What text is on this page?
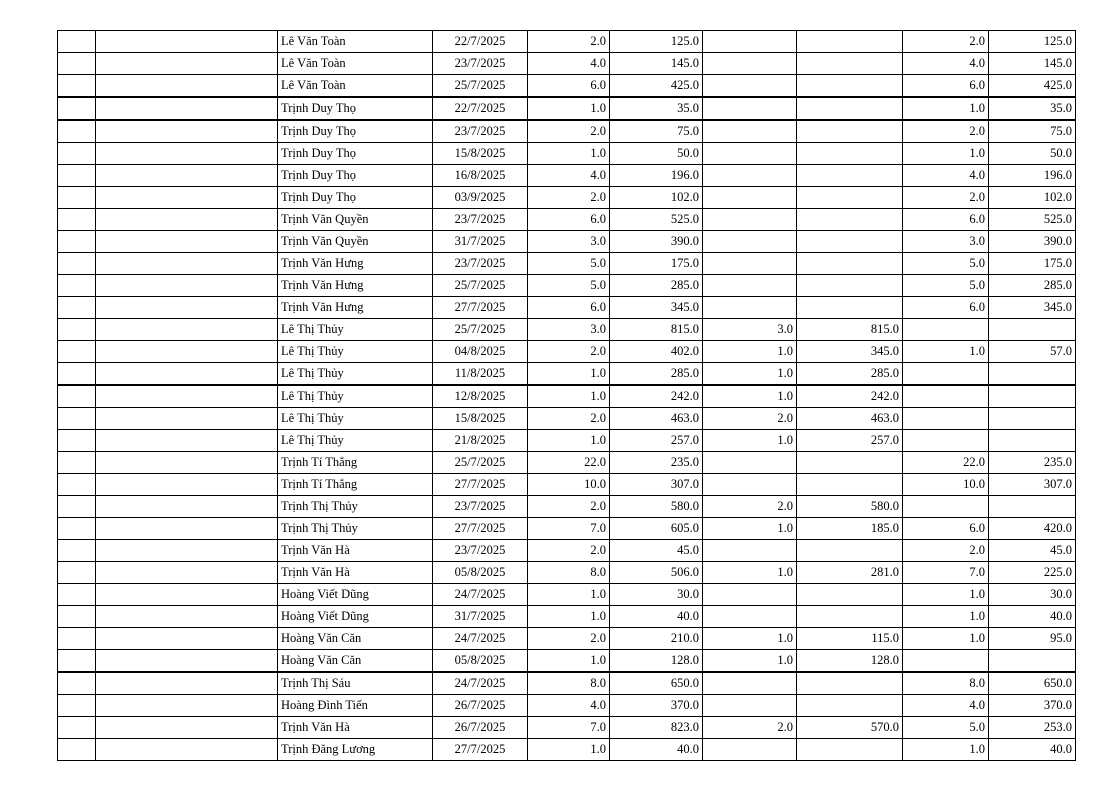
		Lê Văn Toàn	22/7/2025	2.0	125.0			2.0	125.0
		Lê Văn Toàn	23/7/2025	4.0	145.0			4.0	145.0
		Lê Văn Toàn	25/7/2025	6.0	425.0			6.0	425.0
		Trịnh Duy Thọ	22/7/2025	1.0	35.0			1.0	35.0
		Trịnh Duy Thọ	23/7/2025	2.0	75.0			2.0	75.0
		Trịnh Duy Thọ	15/8/2025	1.0	50.0			1.0	50.0
		Trịnh Duy Thọ	16/8/2025	4.0	196.0			4.0	196.0
		Trịnh Duy Thọ	03/9/2025	2.0	102.0			2.0	102.0
		Trịnh Văn Quyền	23/7/2025	6.0	525.0			6.0	525.0
		Trịnh Văn Quyền	31/7/2025	3.0	390.0			3.0	390.0
		Trịnh Văn Hưng	23/7/2025	5.0	175.0			5.0	175.0
		Trịnh Văn Hưng	25/7/2025	5.0	285.0			5.0	285.0
		Trịnh Văn Hưng	27/7/2025	6.0	345.0			6.0	345.0
		Lê Thị Thủy	25/7/2025	3.0	815.0	3.0	815.0		
		Lê Thị Thủy	04/8/2025	2.0	402.0	1.0	345.0	1.0	57.0
		Lê Thị Thủy	11/8/2025	1.0	285.0	1.0	285.0		
		Lê Thị Thủy	12/8/2025	1.0	242.0	1.0	242.0		
		Lê Thị Thủy	15/8/2025	2.0	463.0	2.0	463.0		
		Lê Thị Thủy	21/8/2025	1.0	257.0	1.0	257.0		
		Trịnh Tí Thắng	25/7/2025	22.0	235.0			22.0	235.0
		Trịnh Tí Thắng	27/7/2025	10.0	307.0			10.0	307.0
		Trịnh Thị Thủy	23/7/2025	2.0	580.0	2.0	580.0		
		Trịnh Thị Thủy	27/7/2025	7.0	605.0	1.0	185.0	6.0	420.0
		Trịnh Văn Hà	23/7/2025	2.0	45.0			2.0	45.0
		Trịnh Văn Hà	05/8/2025	8.0	506.0	1.0	281.0	7.0	225.0
		Hoàng Viết Dũng	24/7/2025	1.0	30.0			1.0	30.0
		Hoàng Viết Dũng	31/7/2025	1.0	40.0			1.0	40.0
		Hoàng Văn Căn	24/7/2025	2.0	210.0	1.0	115.0	1.0	95.0
		Hoàng Văn Căn	05/8/2025	1.0	128.0	1.0	128.0		
		Trịnh Thị Sáu	24/7/2025	8.0	650.0			8.0	650.0
		Hoàng Đình Tiến	26/7/2025	4.0	370.0			4.0	370.0
		Trịnh Văn Hà	26/7/2025	7.0	823.0	2.0	570.0	5.0	253.0
		Trịnh Đăng Lương	27/7/2025	1.0	40.0			1.0	40.0
